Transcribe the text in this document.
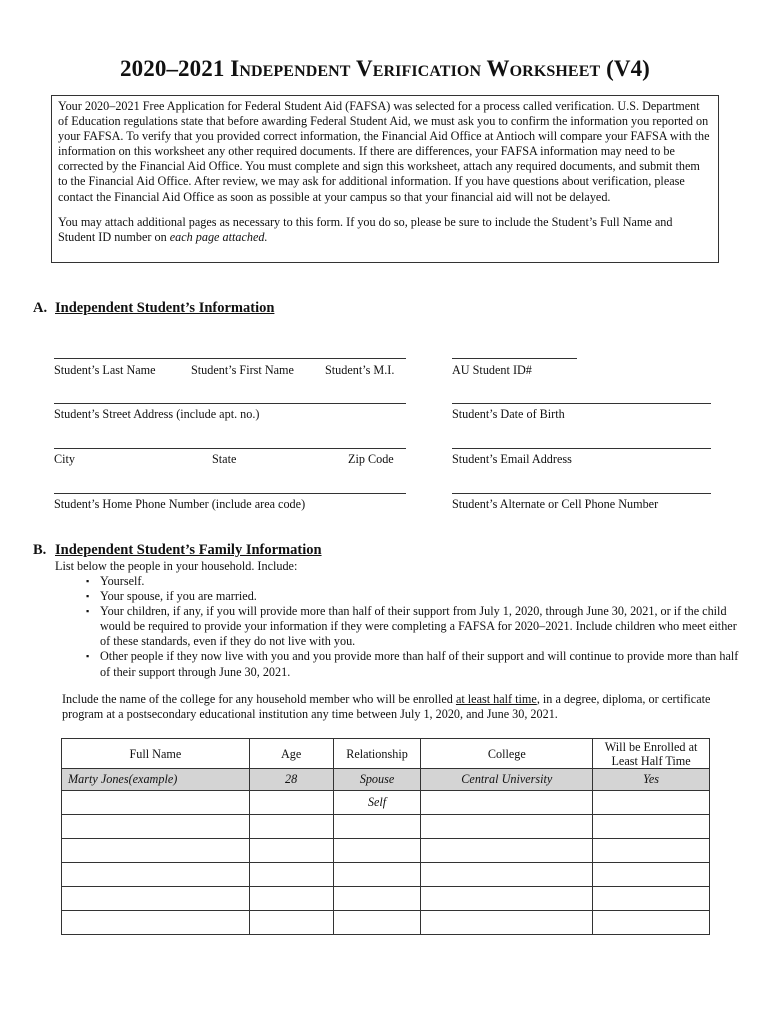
2020–2021 Independent Verification Worksheet (V4)

Your 2020–2021 Free Application for Federal Student Aid (FAFSA) was selected for a process called verification. U.S. Department of Education regulations state that before awarding Federal Student Aid, we must ask you to confirm the information you reported on your FAFSA. To verify that you provided correct information, the Financial Aid Office at Antioch will compare your FAFSA with the information on this worksheet any other required documents. If there are differences, your FAFSA information may need to be corrected by the Financial Aid Office. You must complete and sign this worksheet, attach any required documents, and submit them to the Financial Aid Office. After review, we may ask for additional information. If you have questions about verification, please contact the Financial Aid Office as soon as possible at your campus so that your financial aid will not be delayed.

You may attach additional pages as necessary to this form. If you do so, please be sure to include the Student’s Full Name and Student ID number on each page attached.

A. Independent Student’s Information
Student’s Last Name	Student’s First Name	Student’s M.I.	AU Student ID#
Student’s Street Address (include apt. no.)	Student’s Date of Birth
City	State	Zip Code	Student’s Email Address
Student’s Home Phone Number (include area code)	Student’s Alternate or Cell Phone Number
B. Independent Student’s Family Information
List below the people in your household. Include:
▪ Yourself.
▪ Your spouse, if you are married.
▪ Your children, if any, if you will provide more than half of their support from July 1, 2020, through June 30, 2021, or if the child would be required to provide your information if they were completing a FAFSA for 2020–2021. Include children who meet either of these standards, even if they do not live with you.
▪ Other people if they now live with you and you provide more than half of their support and will continue to provide more than half of their support through June 30, 2021.
Include the name of the college for any household member who will be enrolled at least half time, in a degree, diploma, or certificate program at a postsecondary educational institution any time between July 1, 2020, and June 30, 2021.
Full Name	Age	Relationship	College	Will be Enrolled at Least Half Time
Marty Jones(example)	28	Spouse	Central University	Yes
		Self		
